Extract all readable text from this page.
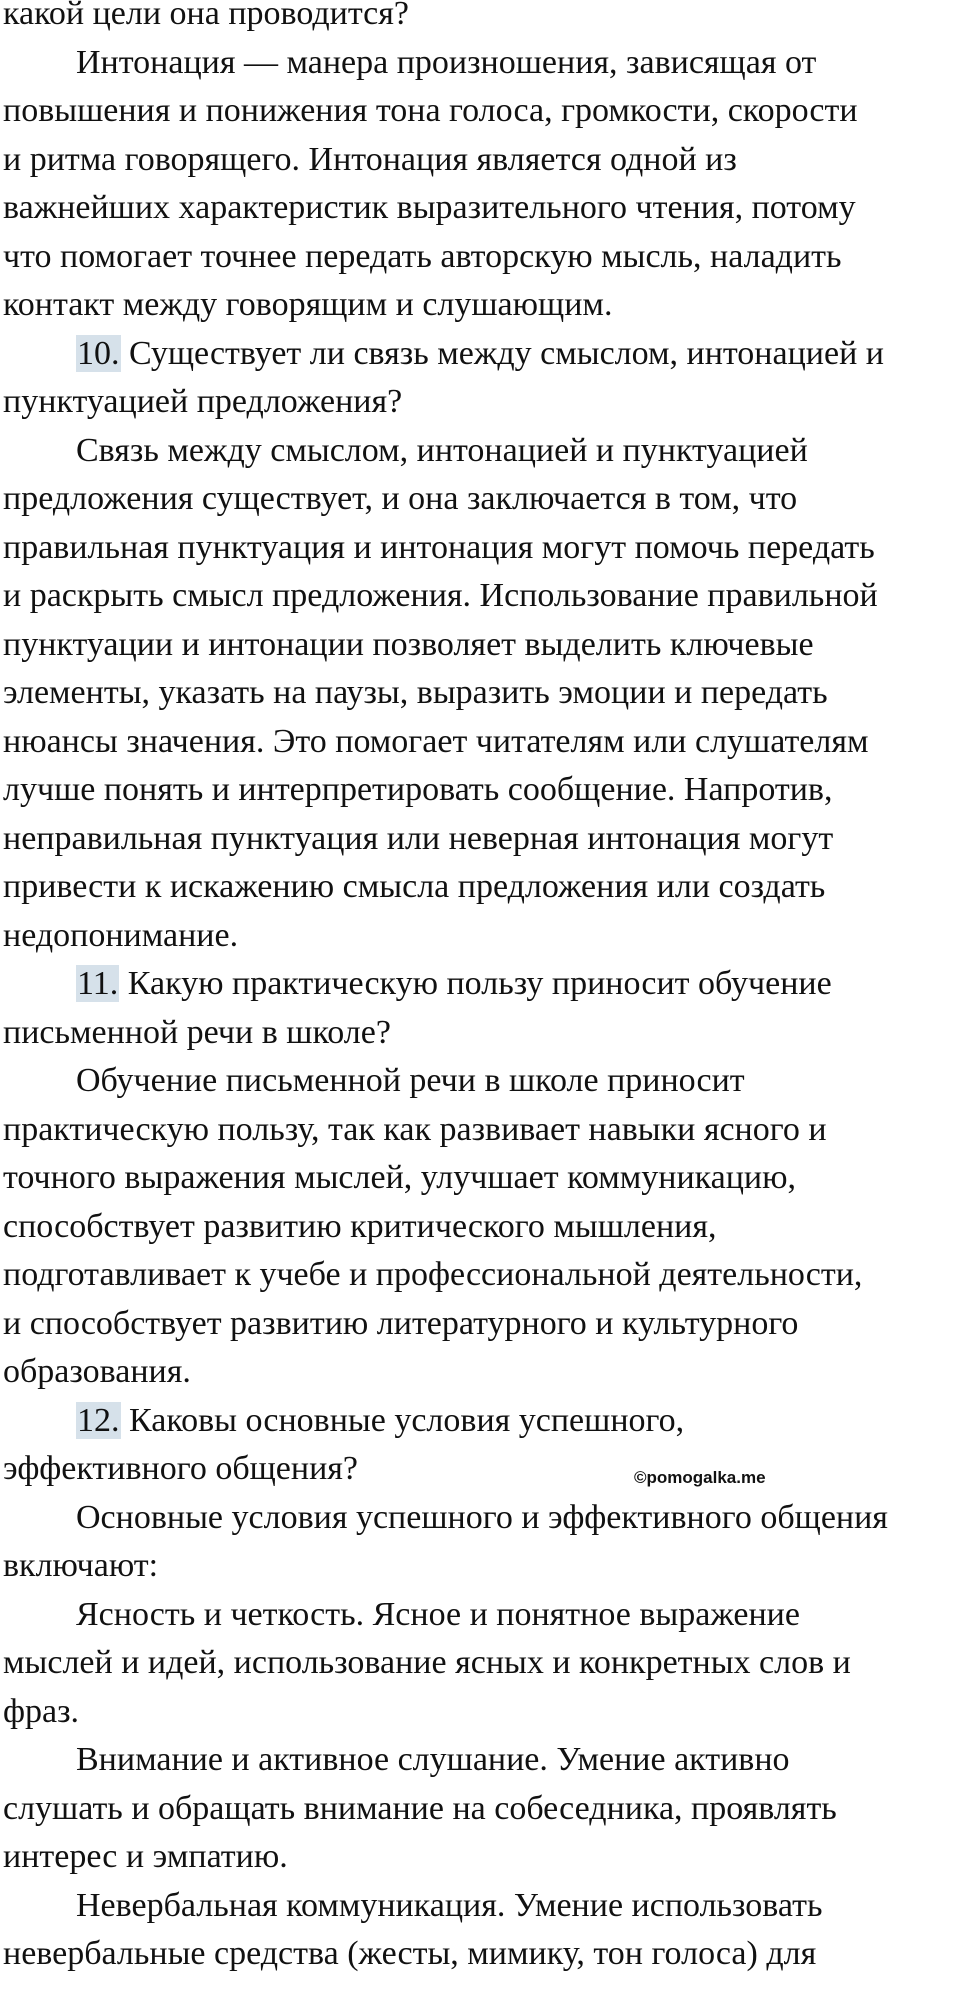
какой цели она проводится?
Интонация — манера произношения, зависящая от
повышения и понижения тона голоса, громкости, скорости
и ритма говорящего. Интонация является одной из
важнейших характеристик выразительного чтения, потому
что помогает точнее передать авторскую мысль, наладить
контакт между говорящим и слушающим.
10. Существует ли связь между смыслом, интонацией и
пунктуацией предложения?
Связь между смыслом, интонацией и пунктуацией
предложения существует, и она заключается в том, что
правильная пунктуация и интонация могут помочь передать
и раскрыть смысл предложения. Использование правильной
пунктуации и интонации позволяет выделить ключевые
элементы, указать на паузы, выразить эмоции и передать
нюансы значения. Это помогает читателям или слушателям
лучше понять и интерпретировать сообщение. Напротив,
неправильная пунктуация или неверная интонация могут
привести к искажению смысла предложения или создать
недопонимание.
11. Какую практическую пользу приносит обучение
письменной речи в школе?
Обучение письменной речи в школе приносит
практическую пользу, так как развивает навыки ясного и
точного выражения мыслей, улучшает коммуникацию,
способствует развитию критического мышления,
подготавливает к учебе и профессиональной деятельности,
и способствует развитию литературного и культурного
образования.
12. Каковы основные условия успешного,
эффективного общения?
Основные условия успешного и эффективного общения
включают:
Ясность и четкость. Ясное и понятное выражение
мыслей и идей, использование ясных и конкретных слов и
фраз.
Внимание и активное слушание. Умение активно
слушать и обращать внимание на собеседника, проявлять
интерес и эмпатию.
Невербальная коммуникация. Умение использовать
невербальные средства (жесты, мимику, тон голоса) для
©pomogalka.me
